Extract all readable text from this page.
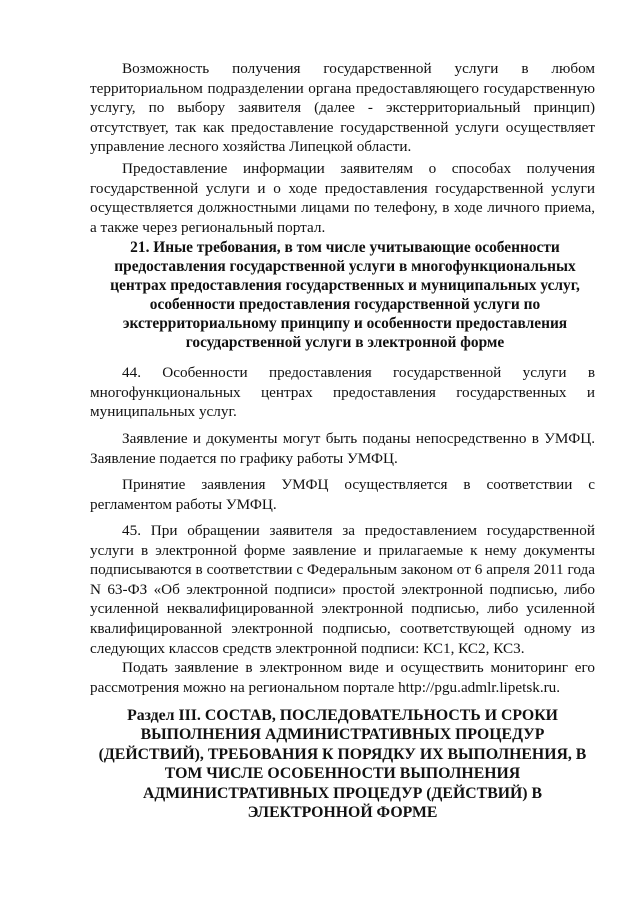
Возможность получения государственной услуги в любом территориальном подразделении органа предоставляющего государственную услугу, по выбору заявителя (далее - экстерриториальный принцип) отсутствует, так как предоставление государственной услуги осуществляет управление лесного хозяйства Липецкой области.

Предоставление информации заявителям о способах получения государственной услуги и о ходе предоставления государственной услуги осуществляется должностными лицами по телефону, в ходе личного приема, а также через региональный портал.

21. Иные требования, в том числе учитывающие особенности предоставления государственной услуги в многофункциональных центрах предоставления государственных и муниципальных услуг, особенности предоставления государственной услуги по экстерриториальному принципу и особенности предоставления государственной услуги в электронной форме

44. Особенности предоставления государственной услуги в многофункциональных центрах предоставления государственных и муниципальных услуг.

Заявление и документы могут быть поданы непосредственно в УМФЦ. Заявление подается по графику работы УМФЦ.

Принятие заявления УМФЦ осуществляется в соответствии с регламентом работы УМФЦ.

45. При обращении заявителя за предоставлением государственной услуги в электронной форме заявление и прилагаемые к нему документы подписываются в соответствии с Федеральным законом от 6 апреля 2011 года N 63-ФЗ «Об электронной подписи» простой электронной подписью, либо усиленной неквалифицированной электронной подписью, либо усиленной квалифицированной электронной подписью, соответствующей одному из следующих классов средств электронной подписи: КС1, КС2, КС3.

Подать заявление в электронном виде и осуществить мониторинг его рассмотрения можно на региональном портале http://pgu.admlr.lipetsk.ru.

Раздел III. СОСТАВ, ПОСЛЕДОВАТЕЛЬНОСТЬ И СРОКИ ВЫПОЛНЕНИЯ АДМИНИСТРАТИВНЫХ ПРОЦЕДУР (ДЕЙСТВИЙ), ТРЕБОВАНИЯ К ПОРЯДКУ ИХ ВЫПОЛНЕНИЯ, В ТОМ ЧИСЛЕ ОСОБЕННОСТИ ВЫПОЛНЕНИЯ АДМИНИСТРАТИВНЫХ ПРОЦЕДУР (ДЕЙСТВИЙ) В ЭЛЕКТРОННОЙ ФОРМЕ
